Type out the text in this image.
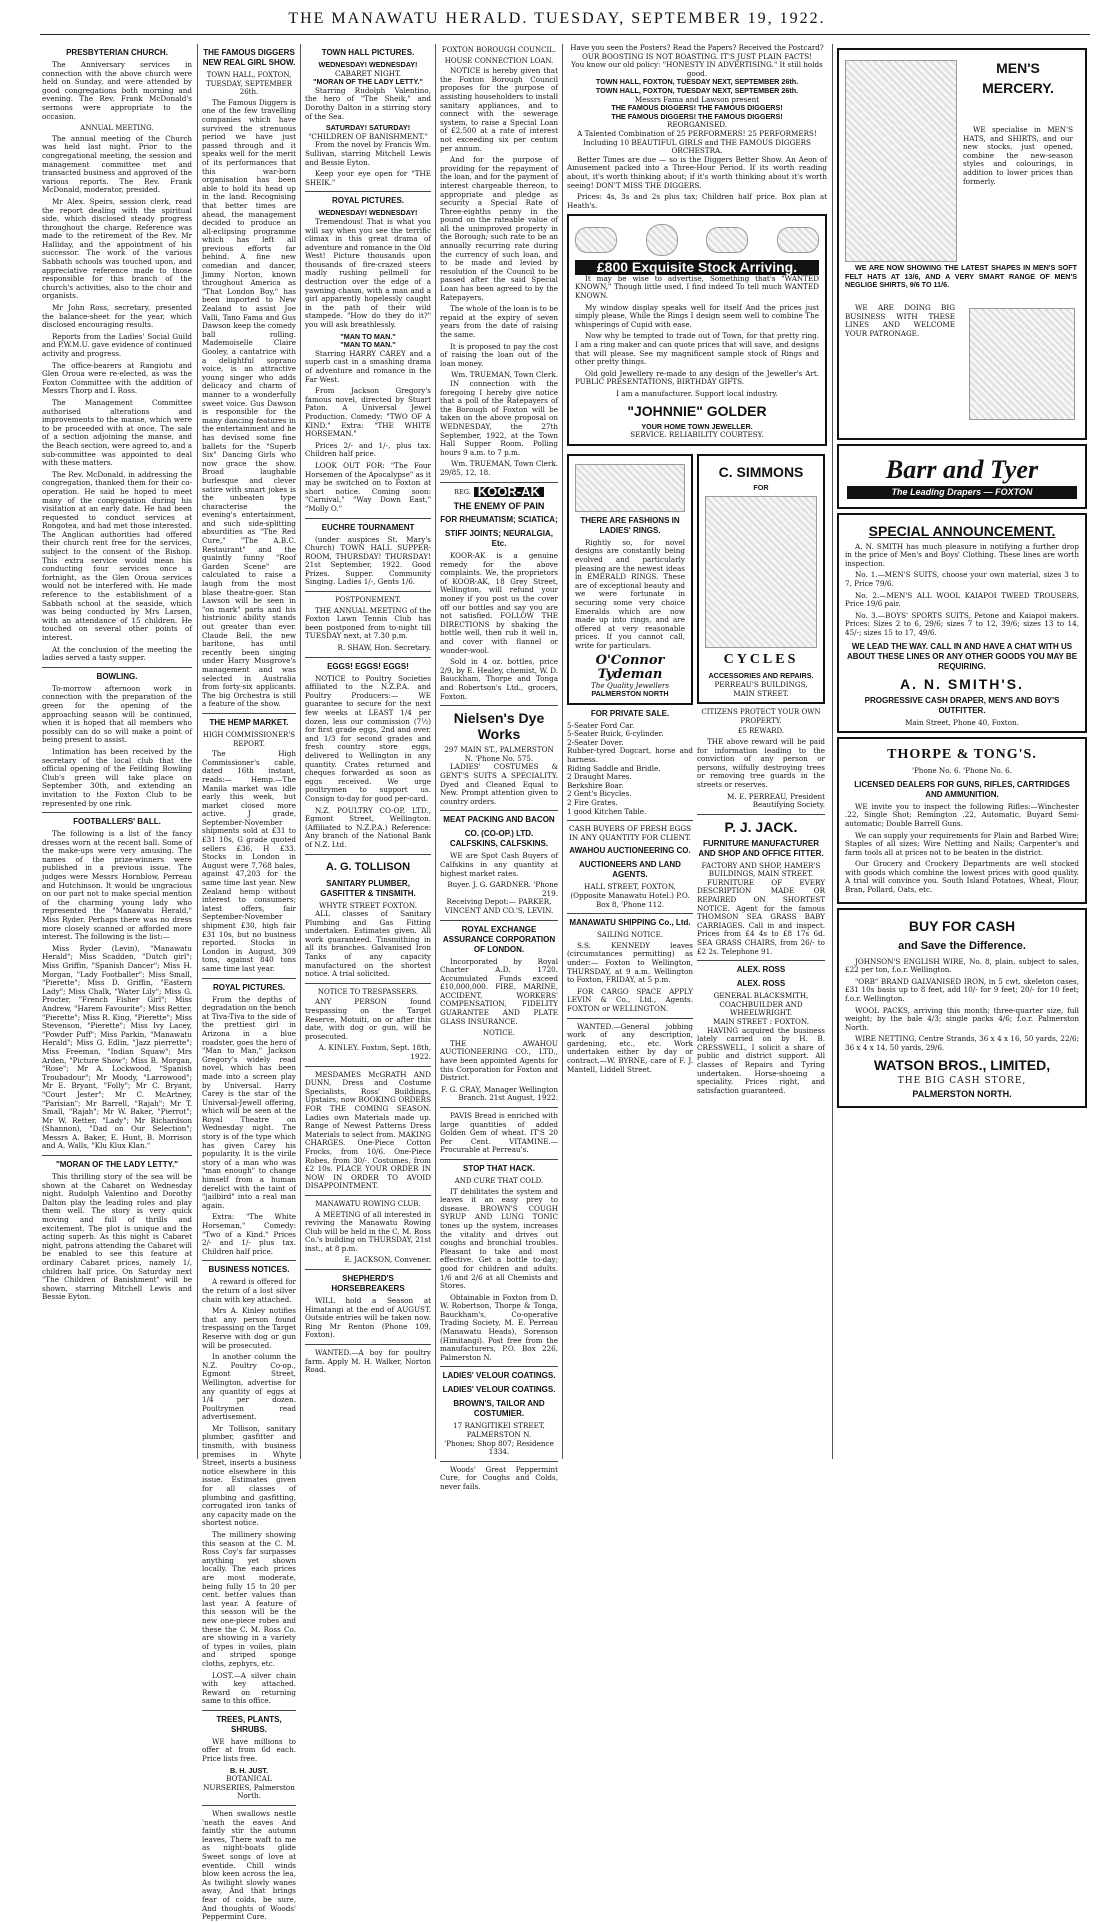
THE MANAWATU HERALD. TUESDAY, SEPTEMBER 19, 1922.
PRESBYTERIAN CHURCH.

The Anniversary services in connection with the above church were held on Sunday, and were attended by good congregations both morning and evening. The Rev. Frank McDonald's sermons were appropriate to the occasion.

ANNUAL MEETING.

The annual meeting of the Church was held last night. Prior to the congregational meeting, the session and management committee met and transacted business and approved of the various reports. The Rev. Frank McDonald, moderator, presided.

Mr Alex. Speirs, session clerk, read the report dealing with the spiritual side, which disclosed steady progress throughout the charge. Reference was made to the retirement of the Rev. Mr Halliday, and the appointment of his successor. The work of the various Sabbath schools was touched upon, and appreciative reference made to those responsible for this branch of the church's activities, also to the choir and organists.

Mr John Ross, secretary, presented the balance-sheet for the year, which disclosed encouraging results.

Reports from the Ladies' Social Guild and P.W.M.U. gave evidence of continued activity and progress.

The office-bearers at Rangiotu and Glen Oroua were re-elected, as was the Foxton Committee with the addition of Messrs Thorp and I. Ross.

The Management Committee authorised alterations and improvements to the manse, which were to be proceeded with at once. The sale of a section adjoining the manse, and the Beach section, were agreed to, and a sub-committee was appointed to deal with these matters.

The Rev. McDonald, in addressing the congregation, thanked them for their co-operation. He said he hoped to meet many of the congregation during his visitation at an early date. He had been requested to conduct services at Rongotea, and had met those interested. The Anglican authorities had offered their church rent free for the services, subject to the consent of the Bishop. This extra service would mean his conducting four services once a fortnight, as the Glen Oroua services would not be interfered with. He made reference to the establishment of a Sabbath school at the seaside, which was being conducted by Mrs Larsen, with an attendance of 15 children. He touched on several other points of interest.

At the conclusion of the meeting the ladies served a tasty supper.

BOWLING.

To-morrow afternoon work in connection with the preparation of the green for the opening of the approaching season will be continued, when it is hoped that all members who possibly can do so will make a point of being present to assist.

Intimation has been received by the secretary of the local club that the official opening of the Feilding Bowling Club's green will take place on September 30th, and extending an invitation to the Foxton Club to be represented by one rink.

FOOTBALLERS' BALL.

The following is a list of the fancy dresses worn at the recent ball. Some of the make-ups were very amusing. The names of the prize-winners were published in a previous issue. The judges were Messrs Hornblow, Perreau and Hutchinson. It would be ungracious on our part not to make special mention of the charming young lady who represented the "Manawatu Herald," Miss Ryder. Perhaps there was no dress more closely scanned or afforded more interest. The following is the list:—

Miss Ryder (Levin), "Manawatu Herald"; Miss Scadden, "Dutch girl"; Miss Griffin, "Spanish Dancer"; Miss H. Morgan, "Lady Footballer"; Miss Small, "Pierette"; Miss D. Griffin, "Eastern Lady"; Miss Chalk, "Water Lily"; Miss G. Procter, "French Fisher Girl"; Miss Andrew, "Harem Favourite"; Miss Retter, "Pierette"; Miss R. King, "Pierette"; Miss Stevenson, "Pierette"; Miss Ivy Lacey, "Powder Puff"; Miss Parkin, "Manawatu Herald"; Miss G. Edlin, "Jazz pierrette"; Miss Freeman, "Indian Squaw"; Mrs Arden, "Picture Show"; Miss B. Morgan, "Rose"; Mr A. Lockwood, "Spanish Troubadour"; Mr Moody, "Larrowood"; Mr E. Bryant, "Folly"; Mr C. Bryant, "Court Jester"; Mr C. McArtney, "Parisian"; Mr Barrell, "Rajah"; Mr T. Small, "Rajah"; Mr W. Baker, "Pierrot"; Mr W. Retter, "Lady"; Mr Richardson (Shannon), "Dad on Our Selection"; Messrs A. Baker, E. Hunt, B. Morrison and A. Walls, "Klu Klux Klan."

"MORAN OF THE LADY LETTY."

This thrilling story of the sea will be shown at the Cabaret on Wednesday night. Rudolph Valentino and Dorothy Dalton play the leading roles and play them well. The story is very quick moving and full of thrills and excitement. The plot is unique and the acting superb. As this night is Cabaret night, patrons attending the Cabaret will be enabled to see this feature at ordinary Cabaret prices, namely 1/, children half price. On Saturday next "The Children of Banishment" will be shown, starring Mitchell Lewis and Bessie Eyton.

THE FAMOUS DIGGERS NEW REAL GIRL SHOW.
TOWN HALL, FOXTON, TUESDAY, SEPTEMBER 26th.

The Famous Diggers is one of the few travelling companies which have survived the strenuous period we have just passed through and it speaks well for the merit of its performances that this war-born organisation has been able to hold its head up in the land. Recognising that better times are ahead, the management decided to produce an all-eclipsing programme which has left all previous efforts far behind. A fine new comedian and dancer, Jimmy Norton, known throughout America as "That London Boy," has been imported to New Zealand to assist Joe Valli, Tano Fama and Gus Dawson keep the comedy ball rolling. Mademoiselle Claire Gooley, a cantatrice with a delightful soprano voice, is an attractive young singer who adds delicacy and charm of manner to a wonderfully sweet voice. Gus Dawson is responsible for the many dancing features in the entertainment and he has devised some fine ballets for the "Superb Six" Dancing Girls who now grace the show. Broad laughable burlesque and clever satire with smart jokes is the unbeaten type characterise the evening's entertainment, and such side-splitting absurdities as "The Red Cure," "The A.B.C. Restaurant" and the quaintly funny "Roof Garden Scene" are calculated to raise a laugh from the most blase theatre-goer. Stan Lawson will be seen in "on mark" parts and his histrionic ability stands out greater than ever. Claude Bell, the new baritone, has until recently been singing under Harry Musgrove's management and was selected in Australia from forty-six applicants. The big Orchestra is still a feature of the show.

THE HEMP MARKET.
HIGH COMMISSIONER'S REPORT.

The High Commissioner's cable, dated 16th instant, reads:— Hemp.—The Manila market was idle early this week, but market closed more active. J grade, September-November shipments sold at £31 to £31 10s, G grade quoted sellers £36, H £33. Stocks in London in August were 7,768 bales, against 47,203 for the same time last year. New Zealand hemp without interest to consumers; latest offers, fair September-November shipment £30, high fair £31 10s, but no business reported. Stocks in London in August, 309 tons, against 840 tons same time last year.

ROYAL PICTURES.

From the depths of degradation on the bench at Tiva-Tiva to the side of the prettiest girl in Arizona in a blue roadster, goes the hero of "Man to Man," Jackson Gregory's widely read novel, which has been made into a screen play by Universal. Harry Carey is the star of the Universal-Jewell offering, which will be seen at the Royal Theatre on Wednesday night. The story is of the type which has given Carey his popularity. It is the virile story of a man who was "man enough" to change himself from a human derelict with the taint of "jailbird" into a real man again.

Extra: "The White Horseman," Comedy: "Two of a Kind." Prices 2/- and 1/- plus tax. Children half price.

BUSINESS NOTICES.

A reward is offered for the return of a lost silver chain with key attached.

Mrs A. Kinley notifies that any person found trespassing on the Target Reserve with dog or gun will be prosecuted.

In another column the N.Z. Poultry Co-op., Egmont Street, Wellington, advertise for any quantity of eggs at 1/4 per dozen. Poultrymen read advertisement.

Mr Tollison, sanitary plumber, gasfitter and tinsmith, with business premises in Whyte Street, inserts a business notice elsewhere in this issue. Estimates given for all classes of plumbing and gasfitting, corrugated iron tanks of any capacity made on the shortest notice.

The millinery showing this season at the C. M. Ross Coy's far surpasses anything yet shown locally. The each prices are most moderate, being fully 15 to 20 per cent. better values than last year. A feature of this season will be the new one-piece robes and these the C. M. Ross Co. are showing in a variety of types in voiles, plain and striped sponge cloths, zephyrs, etc.

LOST.—A silver chain with key attached. Reward on returning same to this office.

TREES, PLANTS, SHRUBS.

WE have millions to offer at from 6d each. Price lists free.

B. H. JUST.
BOTANICAL NURSERIES, Palmerston North.

When swallows nestle 'neath the eaves And faintly stir the autumn leaves, There waft to me as night-boats glide Sweet songs of love at eventide. Chill winds blow keen across the lea, As twilight slowly wanes away, And that brings fear of colds, be sure, And thoughts of Woods' Peppermint Cure.

TOWN HALL PICTURES.
WEDNESDAY! WEDNESDAY!
CABARET NIGHT.
"MORAN OF THE LADY LETTY."

Starring Rudolph Valentino, the hero of "The Sheik," and Dorothy Dalton in a stirring story of the Sea.

SATURDAY! SATURDAY!
"CHILDREN OF BANISHMENT."

From the novel by Francis Wm. Sullivan, starring Mitchell Lewis and Bessie Eyton.

Keep your eye open for "THE SHEIK."

ROYAL PICTURES.
WEDNESDAY! WEDNESDAY!

Tremendous! That is what you will say when you see the terrific climax in this great drama of adventure and romance in the Old West! Picture thousands upon thousands of fire-crazed steers madly rushing pellmell for destruction over the edge of a yawning chasm, with a man and a girl apparently hopelessly caught in the path of their wild stampede. "How do they do it?" you will ask breathlessly.

"MAN TO MAN."
"MAN TO MAN."

Starring HARRY CAREY and a superb cast in a smashing drama of adventure and romance in the Far West.

From Jackson Gregory's famous novel, directed by Stuart Paton. A Universal Jewel Production. Comedy: "TWO OF A KIND." Extra: "THE WHITE HORSEMAN."

Prices 2/- and 1/-, plus tax. Children half price.

LOOK OUT FOR: "The Four Horsemen of the Apocalypse" as it may be switched on to Foxton at short notice. Coming soon: "Carnival," "Way Down East," "Molly O."

EUCHRE TOURNAMENT

(under auspices St. Mary's Church) TOWN HALL SUPPER-ROOM, THURSDAY! THURSDAY! 21st September, 1922. Good Prizes. Supper. Community Singing. Ladies 1/-, Gents 1/6.

POSTPONEMENT.

THE ANNUAL MEETING of the Foxton Lawn Tennis Club has been postponed from to-night till TUESDAY next, at 7.30 p.m.

R. SHAW, Hon. Secretary.
EGGS! EGGS! EGGS!

NOTICE to Poultry Societies affiliated to the N.Z.P.A. and Poultry Producers:— WE guarantee to secure for the next few weeks at LEAST 1/4 per dozen, less our commission (7½) for first grade eggs, 2nd and over, and 1/3 for second grades and fresh country store eggs, delivered to Wellington in any quantity. Crates returned and cheques forwarded as soon as eggs received. We urge poultrymen to support us. Consign to-day for good per-card.

N.Z. POULTRY CO-OP, LTD., Egmont Street, Wellington. (Affiliated to N.Z.P.A.) Reference: Any branch of the National Bank of N.Z. Ltd.

A. G. TOLLISON
SANITARY PLUMBER, GASFITTER & TINSMITH.
WHYTE STREET FOXTON.

ALL classes of Sanitary Plumbing and Gas Fitting undertaken. Estimates given. All work guaranteed. Tinsmithing in all its branches. Galvanised Iron Tanks of any capacity manufactured on the shortest notice. A trial solicited.

NOTICE TO TRESPASSERS.

ANY PERSON found trespassing on the Target Reserve, Motuiti, on or after this date, with dog or gun, will be prosecuted.

A. KINLEY. Foxton, Sept. 18th, 1922.

MESDAMES McGRATH AND DUNN, Dress and Costume Specialists, Ross' Buildings, Upstairs, now BOOKING ORDERS FOR THE COMING SEASON. Ladies own Materials made up. Range of Newest Patterns Dress Materials to select from. MAKING CHARGES. One-Piece Cotton Frocks, from 10/6. One-Piece Robes, from 30/-. Costumes, from £2 10s. PLACE YOUR ORDER IN NOW IN ORDER TO AVOID DISAPPOINTMENT.

MANAWATU ROWING CLUB.

A MEETING of all interested in reviving the Manawatu Rowing Club will be held in the C. M. Ross Co.'s building on THURSDAY, 21st inst., at 8 p.m.

E. JACKSON, Convener.
SHEPHERD'S HORSEBREAKERS

WILL hold a Season at Himatangi at the end of AUGUST. Outside entries will be taken now. Ring Mr Renton (Phone 109, Foxton).

WANTED.—A boy for poultry farm. Apply M. H. Walker, Norton Road.

FOXTON BOROUGH COUNCIL.
HOUSE CONNECTION LOAN.

NOTICE is hereby given that the Foxton Borough Council proposes for the purpose of assisting householders to install sanitary appliances, and to connect with the sewerage system, to raise a Special Loan of £2,500 at a rate of interest not exceeding six per centum per annum.

And for the purpose of providing for the repayment of the loan, and for the payment of interest chargeable thereon, to appropriate and pledge as security a Special Rate of Three-eighths penny in the pound on the rateable value of all the unimproved property in the Borough; such rate to be an annually recurring rate during the currency of such loan, and to be made and levied by resolution of the Council to be passed after the said Special Loan has been agreed to by the Ratepayers.

The whole of the loan is to be repaid at the expiry of seven years from the date of raising the same.

It is proposed to pay the cost of raising the loan out of the loan money.

Wm. TRUEMAN, Town Clerk.

IN connection with the foregoing I hereby give notice that a poll of the Ratepayers of the Borough of Foxton will be taken on the above proposal on WEDNESDAY, the 27th September, 1922, at the Town Hall Supper Room. Polling hours 9 a.m. to 7 p.m.

Wm. TRUEMAN, Town Clerk.
29/85, 12, 18.
REG. KOOR-AK
THE ENEMY OF PAIN
FOR RHEUMATISM; SCIATICA;
STIFF JOINTS; NEURALGIA, Etc.

KOOR-AK is a genuine remedy for the above complaints. We, the proprietors of KOOR-AK, 18 Grey Street, Wellington, will refund your money if you post us the cover off our bottles and say you are not satisfied. FOLLOW THE DIRECTIONS by shaking the bottle well, then rub it well in, and cover with flannel or wonder-wool.

Sold in 4 oz. bottles, price 2/9, by E. Healey, chemist, W. D. Bauckham, Thorpe and Tonga and Robertson's Ltd., grocers, Foxton.

Nielsen's Dye Works
297 MAIN ST., PALMERSTON N. 'Phone No. 575.

LADIES' COSTUMES & GENT'S SUITS A SPECIALITY. Dyed and Cleaned Equal to New. Prompt attention given to country orders.

MEAT PACKING AND BACON
CO. (CO-OP.) LTD. CALFSKINS, CALFSKINS.

WE are Spot Cash Buyers of Calfskins in any quantity at highest market rates.

Buyer. J. G. GARDNER. 'Phone 219.
Receiving Depot:— PARKER, VINCENT AND CO.'S, LEVIN.
ROYAL EXCHANGE ASSURANCE CORPORATION OF LONDON.

Incorporated by Royal Charter A.D. 1720. Accumulated Funds exceed £10,000,000. FIRE, MARINE, ACCIDENT, WORKERS' COMPENSATION, FIDELITY GUARANTEE AND PLATE GLASS INSURANCE.

NOTICE.

THE AWAHOU AUCTIONEERING CO., LTD., have been appointed Agents for this Corporation for Foxton and District.

F. G. CRAY, Manager Wellington Branch. 21st August, 1922.

PAVIS Bread is enriched with large quantities of added Golden Gem of wheat. IT'S 20 Per Cent. VITAMINE.—Procurable at Perreau's.

STOP THAT HACK.
AND CURE THAT COLD.

IT debilitates the system and leaves it an easy prey to disease. BROWN'S COUGH SYRUP AND LUNG TONIC tones up the system, increases the vitality and drives out coughs and bronchial troubles. Pleasant to take and most effective. Get a bottle to-day; good for children and adults. 1/6 and 2/6 at all Chemists and Stores.

Obtainable in Foxton from D. W. Robertson, Thorpe & Tonga, Bauckham's, Co-operative Trading Society, M. E. Perreau (Manawatu Heads), Sorenson (Himitangi). Post free from the manufacturers, P.O. Box 226, Palmerston N.

LADIES' VELOUR COATINGS.
LADIES' VELOUR COATINGS.
BROWN'S, TAILOR AND COSTUMIER.
17 RANGITIKEI STREET, PALMERSTON N.
'Phones: Shop 807; Residence 1334.

Woods' Great Peppermint Cure, for Coughs and Colds, never fails.

Have you seen the Posters? Read the Papers? Received the Postcard?
OUR BOOSTING IS NOT BOASTING. IT'S JUST PLAIN FACTS!
You know our old policy: "HONESTY IN ADVERTISING." It still holds good.
TOWN HALL, FOXTON, TUESDAY NEXT, SEPTEMBER 26th.
TOWN HALL, FOXTON, TUESDAY NEXT, SEPTEMBER 26th.
Messrs Fama and Lawson present
THE FAMOUS DIGGERS! THE FAMOUS DIGGERS!
THE FAMOUS DIGGERS! THE FAMOUS DIGGERS!
REORGANISED.
A Talented Combination of 25 PERFORMERS! 25 PERFORMERS! Including 10 BEAUTIFUL GIRLS and THE FAMOUS DIGGERS ORCHESTRA.

Better Times are due — so is the Diggers Better Show. An Aeon of Amusement packed into a Three-Hour Period. If its worth reading about, it's worth thinking about; if it's worth thinking about it's worth seeing! DON'T MISS THE DIGGERS.

Prices: 4s, 3s and 2s plus tax; Children half price. Box plan at Heath's.

£800 Exquisite Stock Arriving.

It may be wise to advertise, Something that's "WANTED KNOWN," Though little used, I find indeed To tell much WANTED KNOWN.

My window display speaks well for itself And the prices just simply please, While the Rings I design seem well to combine The whisperings of Cupid with ease.

Now why be tempted to trade out of Town, for that pretty ring. I am a ring maker and can quote prices that will save, and designs that will please. See my magnificent sample stock of Rings and other pretty things.

Old gold Jewellery re-made to any design of the Jeweller's Art. PUBLIC PRESENTATIONS, BIRTHDAY GIFTS.

I am a manufacturer. Support local industry.
"JOHNNIE" GOLDER
YOUR HOME TOWN JEWELLER.
SERVICE. RELIABILITY COURTESY.
THERE ARE FASHIONS IN LADIES' RINGS.

Rightly so, for novel designs are constantly being evolved and particularly pleasing are the newest ideas in EMERALD RINGS. These are of exceptional beauty and we were fortunate in securing some very choice Emeralds which are now made up into rings, and are offered at very reasonable prices. If you cannot call, write for particulars.

O'Connor Tydeman
The Quality Jewellers
PALMERSTON NORTH
FOR PRIVATE SALE.
5-Seater Ford Car.
5-Seater Buick, 6-cylinder.
2-Seater Dover.
Rubber-tyred Dogcart, horse and harness.
Riding Saddle and Bridle.
2 Draught Mares.
Berkshire Boar.
2 Gent's Bicycles.
2 Fire Grates.
1 good Kitchen Table.
CASH BUYERS OF FRESH EGGS IN ANY QUANTITY FOR CLIENT.
AWAHOU AUCTIONEERING CO.
AUCTIONEERS AND LAND AGENTS.
HALL STREET, FOXTON, (Opposite Manawatu Hotel.) P.O. Box 8, 'Phone 112.
MANAWATU SHIPPING Co., Ltd.
SAILING NOTICE.

S.S. KENNEDY leaves (circumstances permitting) as under:— Foxton to Wellington, THURSDAY, at 9 a.m. Wellington to Foxton, FRIDAY, at 5 p.m.

FOR CARGO SPACE APPLY LEVIN & Co., Ltd., Agents. FOXTON or WELLINGTON.

WANTED.—General jobbing work of any description, gardening, etc., etc. Work undertaken either by day or contract.—W. BYRNE, care of F. J. Mantell, Liddell Street.

C. SIMMONS
FOR
CYCLES
ACCESSORIES AND REPAIRS.
PERREAU'S BUILDINGS, MAIN STREET.
CITIZENS PROTECT YOUR OWN PROPERTY.
£5 REWARD.

THE above reward will be paid for information leading to the conviction of any person or persons, wilfully destroying trees or removing tree guards in the streets or reserves.

M. E. PERREAU, President Beautifying Society.
P. J. JACK.
FURNITURE MANUFACTURER AND SHOP AND OFFICE FITTER.
FACTORY AND SHOP, HAMER'S BUILDINGS, MAIN STREET.

FURNITURE OF EVERY DESCRIPTION MADE OR REPAIRED ON SHORTEST NOTICE. Agent for the famous THOMSON SEA GRASS BABY CARRIAGES. Call in and inspect. Prices from £4 4s to £8 17s 6d. SEA GRASS CHAIRS, from 26/- to £2 2s. Telephone 91.

ALEX. ROSS
ALEX. ROSS
GENERAL BLACKSMITH, COACHBUILDER AND WHEELWRIGHT.
MAIN STREET : FOXTON.

HAVING acquired the business lately carried on by H. B. CRESSWELL, I solicit a share of public and district support. All classes of Repairs and Tyring undertaken. Horse-shoeing a speciality. Prices right, and satisfaction guaranteed.

MEN'S
MERCERY.

WE specialise in MEN'S HATS, and SHIRTS, and our new stocks, just opened, combine the new-season styles and colourings, in addition to lower prices than formerly.

WE ARE NOW SHOWING THE LATEST SHAPES IN MEN'S SOFT FELT HATS AT 13/6, AND A VERY SMART RANGE OF MEN'S NEGLIGE SHIRTS, 9/6 TO 11/6.

WE ARE DOING BIG BUSINESS WITH THESE LINES AND WELCOME YOUR PATRONAGE.

Barr and Tyer
The Leading Drapers — FOXTON
SPECIAL ANNOUNCEMENT.

A. N. SMITH has much pleasure in notifying a further drop in the price of Men's and Boys' Clothing. These lines are worth inspection.

No. 1.—MEN'S SUITS, choose your own material, sizes 3 to 7, Price 79/6.

No. 2.—MEN'S ALL WOOL KAIAPOI TWEED TROUSERS, Price 19/6 pair.

No. 3.—BOYS' SPORTS SUITS, Petone and Kaiapoi makers. Prices: Sizes 2 to 6, 29/6; sizes 7 to 12, 39/6; sizes 13 to 14, 45/-; sizes 15 to 17, 49/6.

WE LEAD THE WAY. CALL IN AND HAVE A CHAT WITH US ABOUT THESE LINES OR ANY OTHER GOODS YOU MAY BE REQUIRING.
A. N. SMITH'S.
PROGRESSIVE CASH DRAPER, MEN'S AND BOY'S OUTFITTER.
Main Street, Phone 40, Foxton.
THORPE & TONG'S.
'Phone No. 6. 'Phone No. 6.
LICENSED DEALERS FOR GUNS, RIFLES, CARTRIDGES AND AMMUNITION.

WE invite you to inspect the following Rifles:—Winchester .22, Single Shot; Remington .22, Automatic, Buyard Semi-automatic; Double Barrell Guns.

We can supply your requirements for Plain and Barbed Wire; Staples of all sizes; Wire Netting and Nails; Carpenter's and farm tools all at prices not to be beaten in the district.

Our Grocery and Crockery Departments are well stocked with goods which combine the lowest prices with good quality. A trial will convince you. South Island Potatoes, Wheat, Flour, Bran, Pollard, Oats, etc.

BUY FOR CASH
and Save the Difference.

JOHNSON'S ENGLISH WIRE, No. 8, plain, subject to sales, £22 per ton, f.o.r. Wellington.

"ORB" BRAND GALVANISED IRON, in 5 cwt. skeleton cases, £31 10s basis up to 8 feet, add 10/- for 9 feet; 20/- for 10 feet; f.o.r. Wellington.

WOOL PACKS, arriving this month; three-quarter size, full weight; by the bale 4/3; single packs 4/6; f.o.r. Palmerston North.

WIRE NETTING, Centre Strands, 36 x 4 x 16, 50 yards, 22/6; 36 x 4 x 14, 50 yards, 29/6.

WATSON BROS., LIMITED,
THE BIG CASH STORE,
PALMERSTON NORTH.
